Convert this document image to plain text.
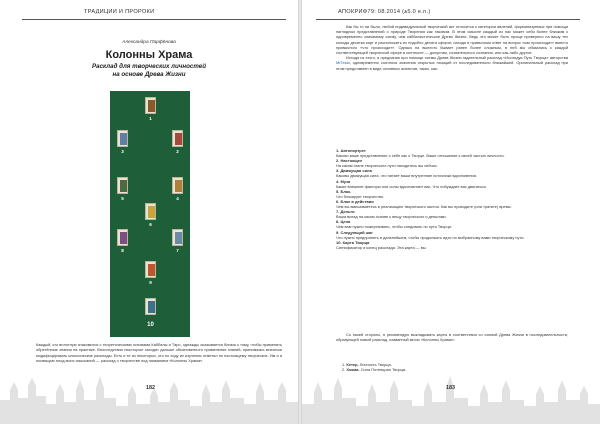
ТРАДИЦИИ И ПРОРОКИ
Александра Парфёнова
Колонны Храма
Расклад для творческих личностей
на основе Древа Жизни
1
3	2
5	4
6
8	7
9
10
Каждый, кто вплотную знакомится с теоретическими основами Каббалы и Таро, однажды оказывается близок к тому, чтобы применить обретённые знания на практике. Впоследствии некоторые заходят дальше обыкновенного применения знаний, принимаясь всячески модифицировать классические расклады. Есть и те из некоторых, кто по ходу их изучения отметил по настоящему творческих. Им я и посвящаю плод моих изысканий — расклад о творчестве под названием «Колонны Храма».
182
АПОКРИФ79: 08.2014 (ѧ5.0 e.n.)

Как бы то ни было, любой индивидуальный творческий акт относится к категории явлений, формализуемых при помощи наглядных представлений о природе Творения как таковом. В этом смысле каждый из нас может себя более близким к одновременно значимому схему, чем каббалистическое Древо Жизни. Ведь что может быть проще проверено на вашу тех колоды десятка карт и расположить их подобно десяти сфирот, находя в привычном ответ на вопрос «как происходит» вместо привычного «что происходит». Однако на вынесть бывает ранее более сложным, в ней мы обязались к каждой соответствующей творческой сфере в контексте — допустим, сознательного сознания, или как-либо другое.

Исходя из этого, я предлагаю при помощи схемы Древа Жизни гадательный расклад «Исследуя Путь Творца» авторства MrTesla, одновременно соотнося значения открытых позиций от последовательно ближайшей. Оригинальный расклад при этом представлен в виде основных аспектов, таких, как:

1. Автопортрет
Каково ваше представление о себе как о Творце. Ваше отношение к своей частью личности.
2. Настоящее
На каком этапе творческого пути находитесь вы сейчас.
3. Движущая сила
Каковы движущая сила, что питает ваши внутренние источники вдохновения.
4. Муза
Какие внешние факторы или силы вдохновляют вас. Что побуждает вас двигаться.
5. Блок.
Что блокирует творчество.
6. Блок в действии
Чем вы вмешиваетесь в реализацию творческого застоя. Как вы проводите (или тратите) время.
7. Деньги
Ваша вклад на каком основе к вещу творческого и деньгами.
8. Цена
Чем вам нужно пожертвовать, чтобы следовать по пути Творца.
9. Следующий шаг
Что нужно предпринять в дальнейшем, чтобы продолжать идти по выбранному вами творческому пути.
10. Карта Творца
Сигнификатор и конец расклада. Эта карта — вы.

Со своей стороны, я рекомендую выкладывать карты в соответствии со схемой Древа Жизни в последовательности, образующей новый расклад, названный мною «Колонны Храма»:

1. Кетер. Личность Творца.
2. Хокма. Сила Потенциал Творца.
183
